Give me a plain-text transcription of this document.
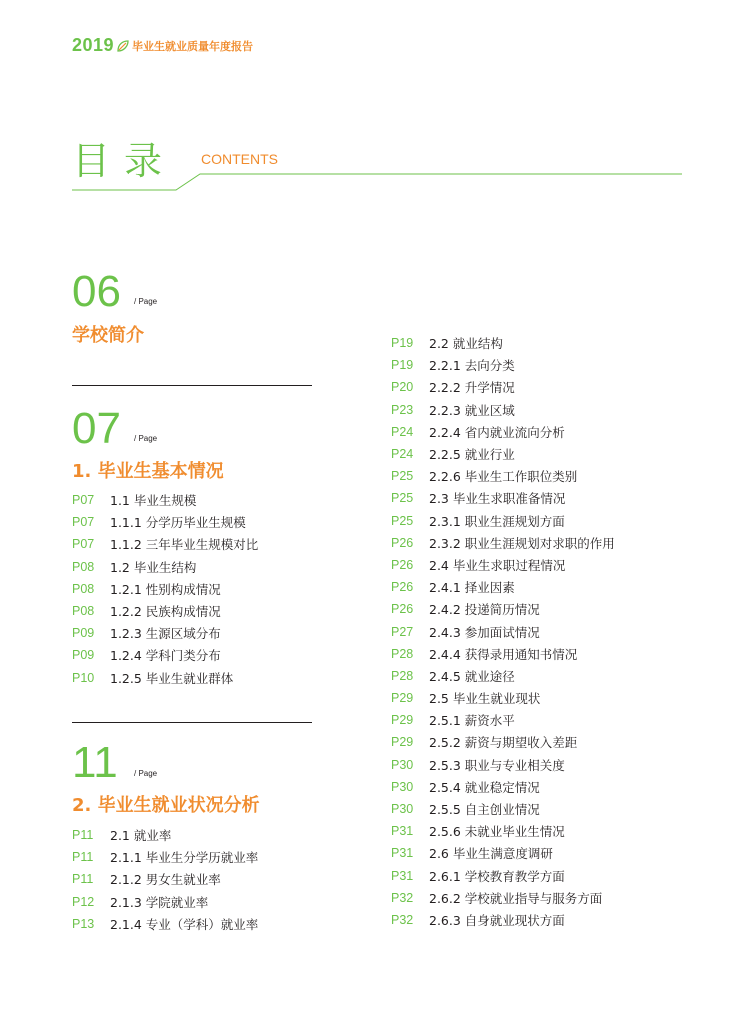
2019 毕业生就业质量年度报告
目录 CONTENTS
06 / Page
学校简介
07 / Page
1. 毕业生基本情况
P07	1.1 毕业生规模
P07	1.1.1 分学历毕业生规模
P07	1.1.2 三年毕业生规模对比
P08	1.2 毕业生结构
P08	1.2.1 性别构成情况
P08	1.2.2 民族构成情况
P09	1.2.3 生源区域分布
P09	1.2.4 学科门类分布
P10	1.2.5 毕业生就业群体
11 / Page
2. 毕业生就业状况分析
P11	2.1 就业率
P11	2.1.1 毕业生分学历就业率
P11	2.1.2 男女生就业率
P12	2.1.3 学院就业率
P13	2.1.4 专业（学科）就业率
P19	2.2 就业结构
P19	2.2.1 去向分类
P20	2.2.2 升学情况
P23	2.2.3 就业区域
P24	2.2.4 省内就业流向分析
P24	2.2.5 就业行业
P25	2.2.6 毕业生工作职位类别
P25	2.3 毕业生求职准备情况
P25	2.3.1 职业生涯规划方面
P26	2.3.2 职业生涯规划对求职的作用
P26	2.4 毕业生求职过程情况
P26	2.4.1 择业因素
P26	2.4.2 投递简历情况
P27	2.4.3 参加面试情况
P28	2.4.4 获得录用通知书情况
P28	2.4.5 就业途径
P29	2.5 毕业生就业现状
P29	2.5.1 薪资水平
P29	2.5.2 薪资与期望收入差距
P30	2.5.3 职业与专业相关度
P30	2.5.4 就业稳定情况
P30	2.5.5 自主创业情况
P31	2.5.6 未就业毕业生情况
P31	2.6 毕业生满意度调研
P31	2.6.1 学校教育教学方面
P32	2.6.2 学校就业指导与服务方面
P32	2.6.3 自身就业现状方面
